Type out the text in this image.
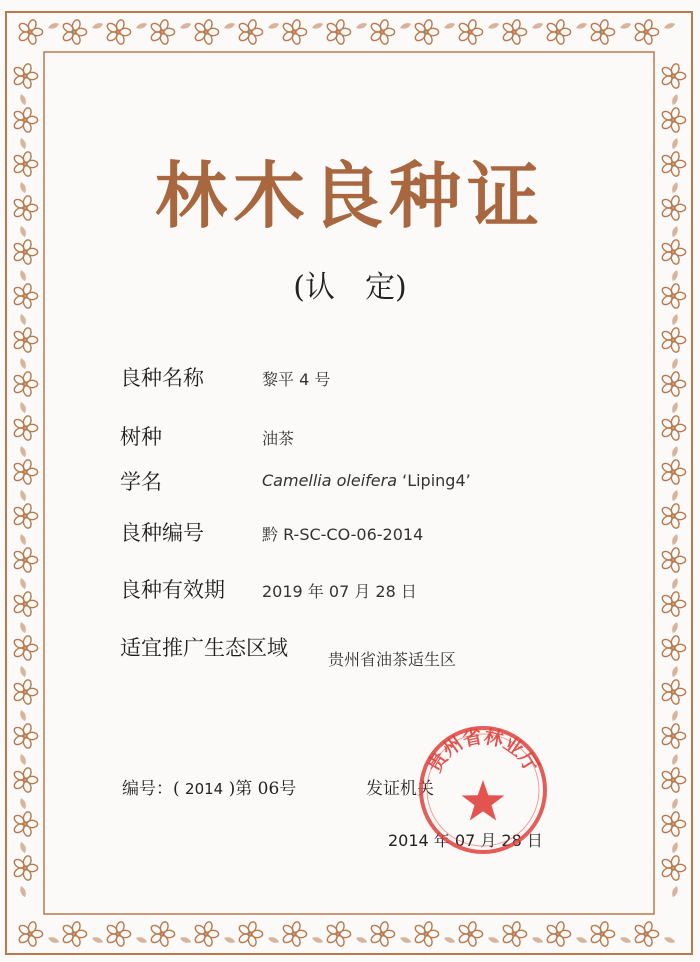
林木良种证
(认　定)
良种名称	黎平 4 号
树种	油茶
学名	Camellia oleifera ‘Liping4’
良种编号	黔 R-SC-CO-06-2014
良种有效期 2019 年 07 月 28 日
适宜推广生态区域	贵州省油茶适生区
编号：( 2014 )第 06号	发证机关
2014 年 07 月 28 日
贵州省林业厅
